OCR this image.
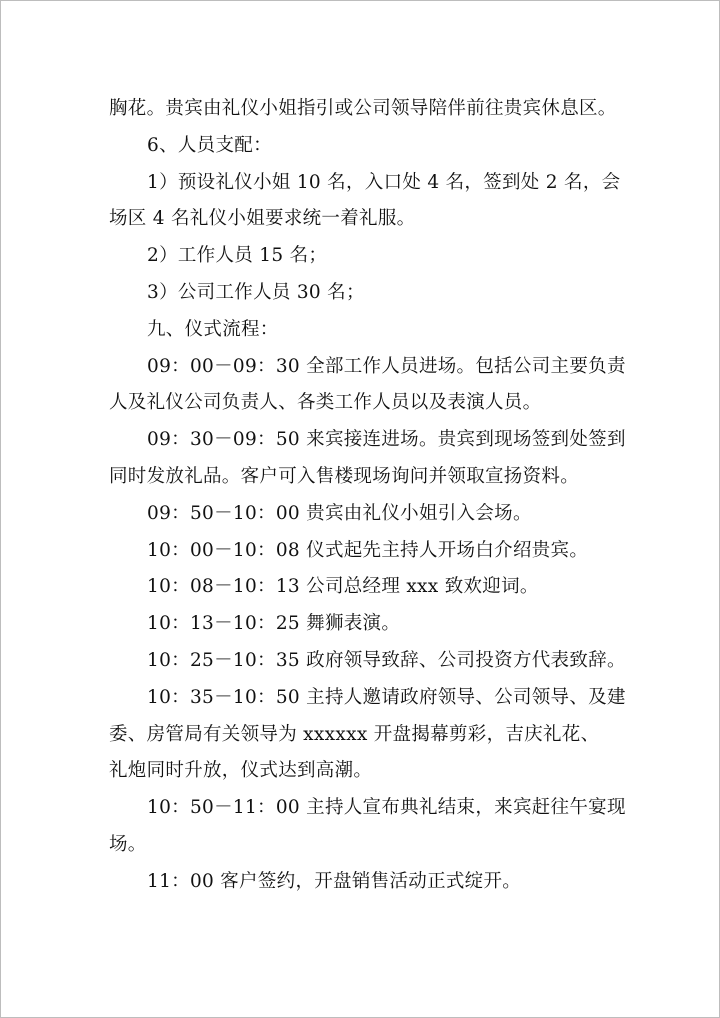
胸花。贵宾由礼仪小姐指引或公司领导陪伴前往贵宾休息区。
6、人员支配：
1）预设礼仪小姐 10 名，入口处 4 名，签到处 2 名，会
场区 4 名礼仪小姐要求统一着礼服。
2）工作人员 15 名；
3）公司工作人员 30 名；
九、仪式流程：
09：00－09：30 全部工作人员进场。包括公司主要负责
人及礼仪公司负责人、各类工作人员以及表演人员。
09：30－09：50 来宾接连进场。贵宾到现场签到处签到
同时发放礼品。客户可入售楼现场询问并领取宣扬资料。
09：50－10：00 贵宾由礼仪小姐引入会场。
10：00－10：08 仪式起先主持人开场白介绍贵宾。
10：08－10：13 公司总经理 xxx 致欢迎词。
10：13－10：25 舞狮表演。
10：25－10：35 政府领导致辞、公司投资方代表致辞。
10：35－10：50 主持人邀请政府领导、公司领导、及建
委、房管局有关领导为 xxxxxx 开盘揭幕剪彩，吉庆礼花、
礼炮同时升放，仪式达到高潮。
10：50－11：00 主持人宣布典礼结束，来宾赶往午宴现
场。
11：00 客户签约，开盘销售活动正式绽开。
